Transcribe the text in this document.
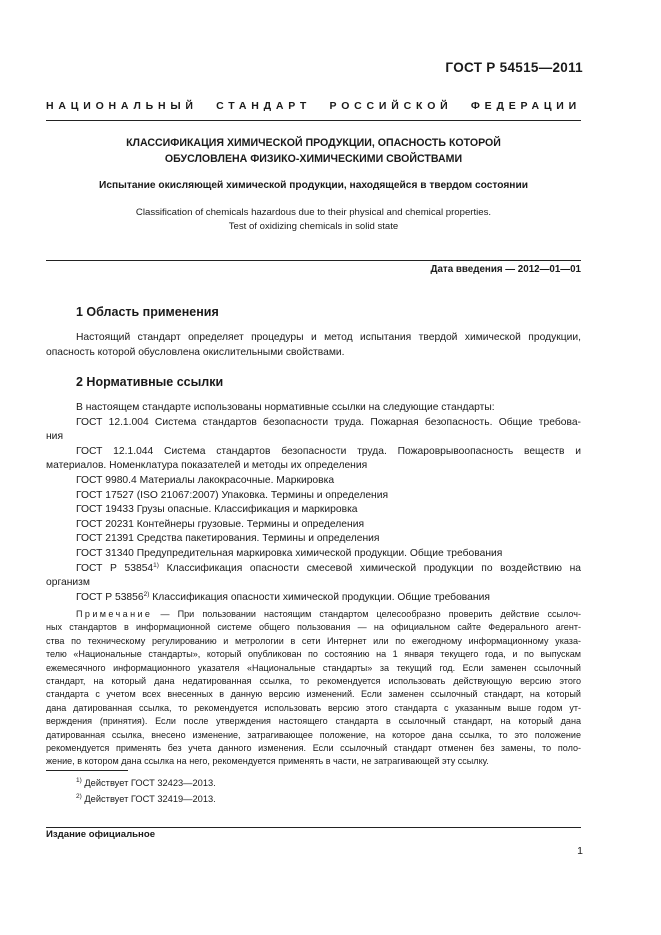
ГОСТ Р 54515—2011
НАЦИОНАЛЬНЫЙ СТАНДАРТ РОССИЙСКОЙ ФЕДЕРАЦИИ
КЛАССИФИКАЦИЯ ХИМИЧЕСКОЙ ПРОДУКЦИИ, ОПАСНОСТЬ КОТОРОЙ
ОБУСЛОВЛЕНА ФИЗИКО-ХИМИЧЕСКИМИ СВОЙСТВАМИ
Испытание окисляющей химической продукции, находящейся в твердом состоянии
Classification of chemicals hazardous due to their physical and chemical properties.
Test of oxidizing chemicals in solid state
Дата введения — 2012—01—01
1 Область применения
Настоящий стандарт определяет процедуры и метод испытания твердой химической продукции,
опасность которой обусловлена окислительными свойствами.
2 Нормативные ссылки
В настоящем стандарте использованы нормативные ссылки на следующие стандарты:
ГОСТ 12.1.004 Система стандартов безопасности труда. Пожарная безопасность. Общие требова-
ния
ГОСТ 12.1.044 Система стандартов безопасности труда. Пожароврывоопасность веществ и
материалов. Номенклатура показателей и методы их определения
ГОСТ 9980.4 Материалы лакокрасочные. Маркировка
ГОСТ 17527 (ISO 21067:2007) Упаковка. Термины и определения
ГОСТ 19433 Грузы опасные. Классификация и маркировка
ГОСТ 20231 Контейнеры грузовые. Термины и определения
ГОСТ 21391 Средства пакетирования. Термины и определения
ГОСТ 31340 Предупредительная маркировка химической продукции. Общие требования
ГОСТ Р 53854$^{1)}$ Классификация опасности смесевой химической продукции по воздействию на
организм
ГОСТ Р 53856$^{2)}$ Классификация опасности химической продукции. Общие требования
Примечание — При пользовании настоящим стандартом целесообразно проверить действие ссылоч-
ных стандартов в информационной системе общего пользования — на официальном сайте Федерального агент-
ства по техническому регулированию и метрологии в сети Интернет или по ежегодному информационному указа-
телю «Национальные стандарты», который опубликован по состоянию на 1 января текущего года, и по выпускам
ежемесячного информационного указателя «Национальные стандарты» за текущий год. Если заменен ссылочный
стандарт, на который дана недатированная ссылка, то рекомендуется использовать действующую версию этого
стандарта с учетом всех внесенных в данную версию изменений. Если заменен ссылочный стандарт, на который
дана датированная ссылка, то рекомендуется использовать версию этого стандарта с указанным выше годом ут-
верждения (принятия). Если после утверждения настоящего стандарта в ссылочный стандарт, на который дана
датированная ссылка, внесено изменение, затрагивающее положение, на которое дана ссылка, то это положение
рекомендуется применять без учета данного изменения. Если ссылочный стандарт отменен без замены, то поло-
жение, в котором дана ссылка на него, рекомендуется применять в части, не затрагивающей эту ссылку.
$^{1)}$ Действует ГОСТ 32423—2013.
$^{2)}$ Действует ГОСТ 32419—2013.
Издание официальное
1
